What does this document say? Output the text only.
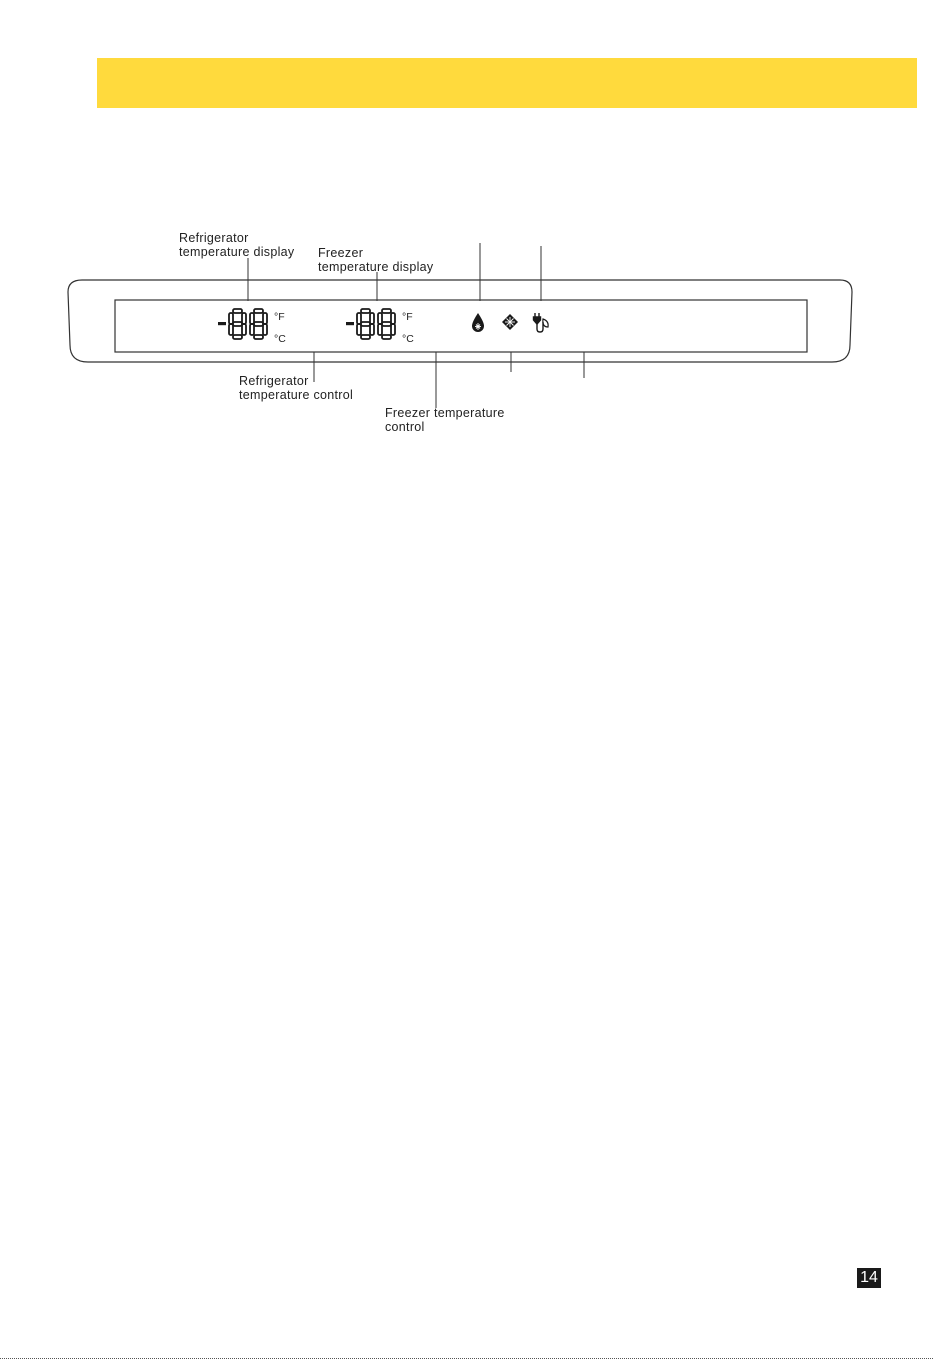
Refrigerator
temperature display Freezer
temperature display
Refrigerator
temperature control
Freezer temperature
control
°F
°C
°F
°C
14
